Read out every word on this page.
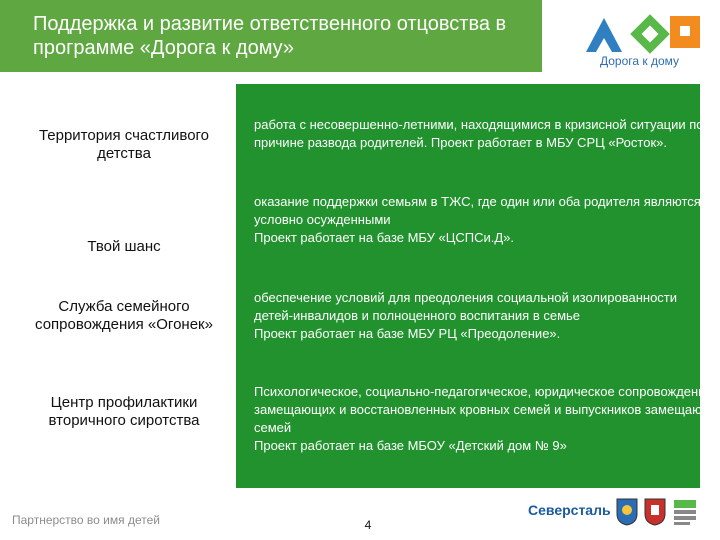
Поддержка и развитие ответственного отцовства в программе «Дорога к дому»
Дорога к дому
Территория счастливого детства
работа с несовершенно-летними, находящимися в кризисной ситуации по причине развода родителей. Проект работает в МБУ СРЦ «Росток».
Твой шанс
оказание поддержки семьям в ТЖС, где один или оба родителя являются условно осужденными
Проект работает на базе МБУ «ЦСПСи.Д».
Служба семейного сопровождения «Огонек»
обеспечение условий для преодоления социальной изолированности детей-инвалидов и полноценного воспитания в семье
Проект работает на базе МБУ РЦ «Преодоление».
Центр профилактики вторичного сиротства
Психологическое, социально-педагогическое, юридическое сопровождение замещающих и восстановленных кровных семей и выпускников замещающ семей
Проект работает на базе МБОУ «Детский дом № 9»
Партнерство во имя детей	4
Северсталь
